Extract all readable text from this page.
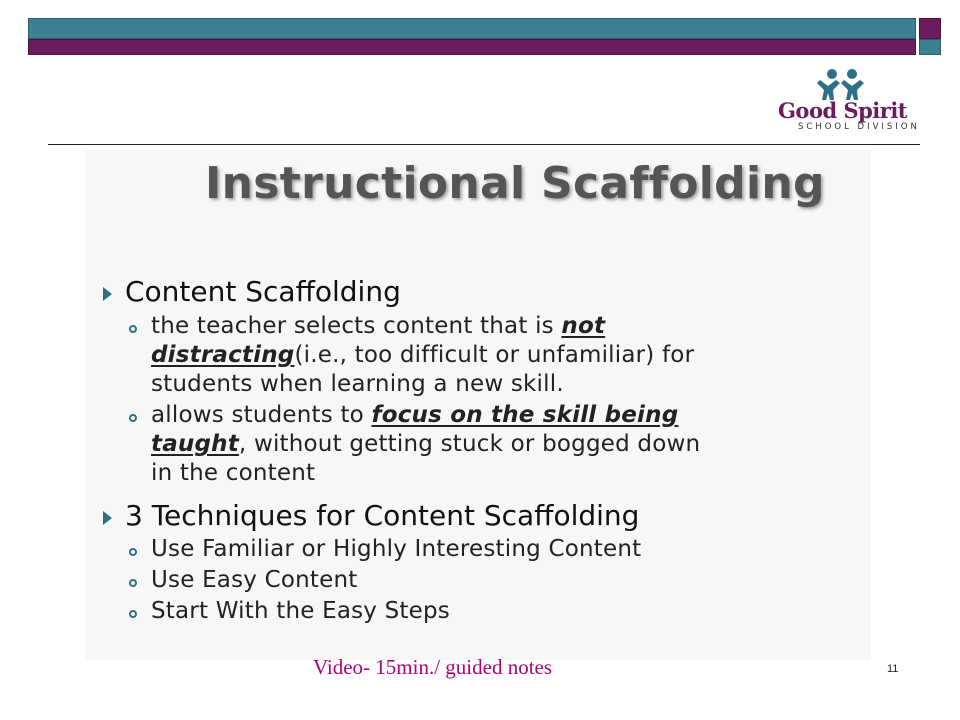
Good Spirit
SCHOOL DIVISION
Instructional Scaffolding
Content Scaffolding
the teacher selects content that is not
distracting(i.e., too difficult or unfamiliar) for
students when learning a new skill.
allows students to focus on the skill being
taught, without getting stuck or bogged down
in the content
3 Techniques for Content Scaffolding
Use Familiar or Highly Interesting Content
Use Easy Content
Start With the Easy Steps
Video- 15min./ guided notes	11
